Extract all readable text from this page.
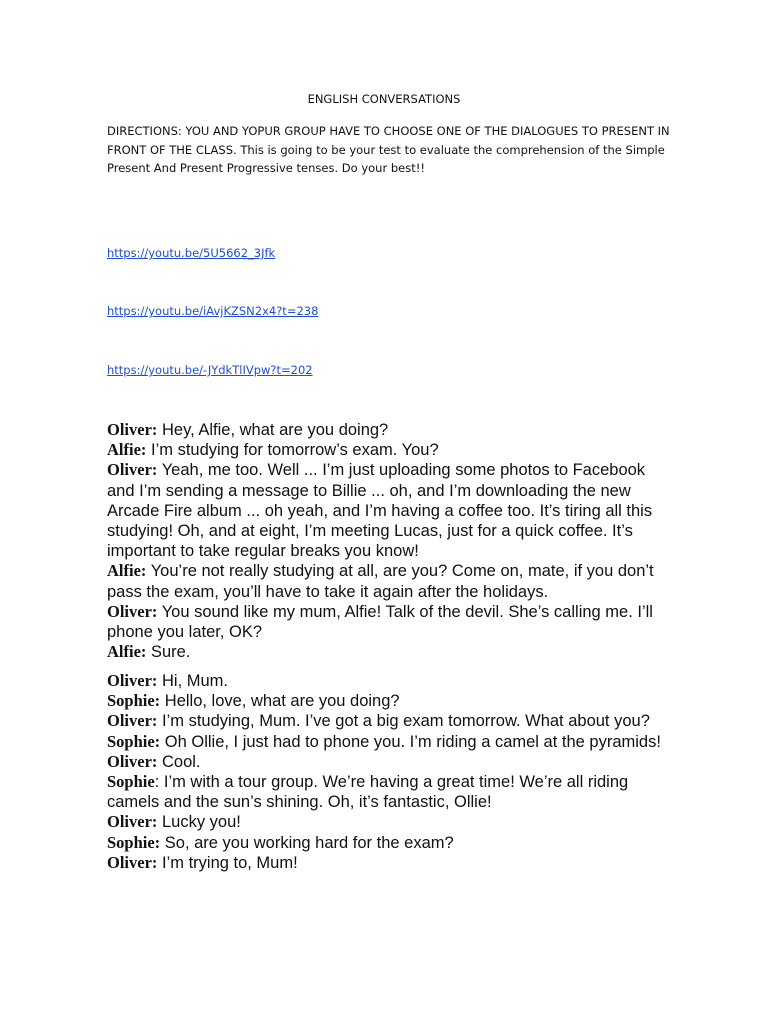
ENGLISH CONVERSATIONS
DIRECTIONS: YOU AND YOPUR GROUP HAVE TO CHOOSE ONE OF THE DIALOGUES TO PRESENT IN FRONT OF THE CLASS. This is going to be your test to evaluate the comprehension of the Simple Present And Present Progressive tenses. Do your best!!
https://youtu.be/5U5662_3Jfk
https://youtu.be/iAvjKZSN2x4?t=238
https://youtu.be/-JYdkTlIVpw?t=202

Oliver: Hey, Alfie, what are you doing?

Alfie: I’m studying for tomorrow’s exam. You?

Oliver: Yeah, me too. Well ... I’m just uploading some photos to Facebook and I’m sending a message to Billie ... oh, and I’m downloading the new Arcade Fire album ... oh yeah, and I’m having a coffee too. It’s tiring all this studying! Oh, and at eight, I’m meeting Lucas, just for a quick coffee. It’s important to take regular breaks you know!

Alfie: You’re not really studying at all, are you? Come on, mate, if you don’t pass the exam, you’ll have to take it again after the holidays.

Oliver: You sound like my mum, Alfie! Talk of the devil. She’s calling me. I’ll phone you later, OK?

Alfie: Sure.

Oliver: Hi, Mum.

Sophie: Hello, love, what are you doing?

Oliver: I’m studying, Mum. I’ve got a big exam tomorrow. What about you?

Sophie: Oh Ollie, I just had to phone you. I’m riding a camel at the pyramids!

Oliver: Cool.

Sophie: I’m with a tour group. We’re having a great time! We’re all riding camels and the sun’s shining. Oh, it’s fantastic, Ollie!

Oliver: Lucky you!

Sophie: So, are you working hard for the exam?

Oliver: I’m trying to, Mum!
